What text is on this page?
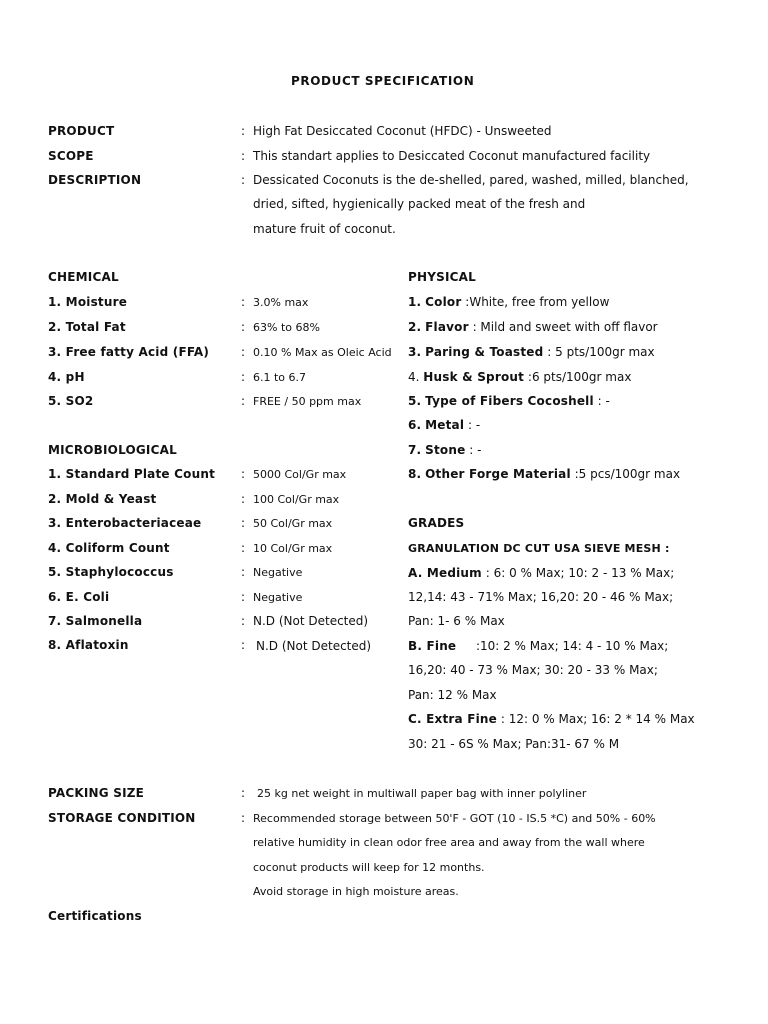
PRODUCT SPECIFICATION
PRODUCT	: High Fat Desiccated Coconut (HFDC) - Unsweeted
SCOPE	: This standart applies to Desiccated Coconut manufactured facility
DESCRIPTION	: Dessicated Coconuts is the de-shelled, pared, washed, milled, blanched,
dried, sifted, hygienically packed meat of the fresh and
mature fruit of coconut.
CHEMICAL
1. Moisture	: 3.0% max
2. Total Fat	: 63% to 68%
3. Free fatty Acid (FFA)	: 0.10 % Max as Oleic Acid
4. pH	: 6.1 to 6.7
5. SO2	: FREE / 50 ppm max
MICROBIOLOGICAL
1. Standard Plate Count : 5000 Col/Gr max
2. Mold & Yeast	: 100 Col/Gr max
3. Enterobacteriaceae	: 50 Col/Gr max
4. Coliform Count	: 10 Col/Gr max
5. Staphylococcus	: Negative
6. E. Coli	: Negative
7. Salmonella	: N.D (Not Detected)
8. Aflatoxin	: N.D (Not Detected)
PHYSICAL
1. Color :White, free from yellow
2. Flavor : Mild and sweet with off flavor
3. Paring & Toasted : 5 pts/100gr max
4. Husk & Sprout :6 pts/100gr max
5. Type of Fibers Cocoshell : -
6. Metal : -
7. Stone : -
8. Other Forge Material :5 pcs/100gr max
GRADES
GRANULATION DC CUT USA SIEVE MESH :
A. Medium : 6: 0 % Max; 10: 2 - 13 % Max;
12,14: 43 - 71% Max; 16,20: 20 - 46 % Max;
Pan: 1- 6 % Max
B. Fine :10: 2 % Max; 14: 4 - 10 % Max;
16,20: 40 - 73 % Max; 30: 20 - 33 % Max;
Pan: 12 % Max
C. Extra Fine : 12: 0 % Max; 16: 2 * 14 % Max
30: 21 - 6S % Max; Pan:31- 67 % M
PACKING SIZE	: 25 kg net weight in multiwall paper bag with inner polyliner
STORAGE CONDITION	: Recommended storage between 50'F - GOT (10 - IS.5 *C) and 50% - 60%
relative humidity in clean odor free area and away from the wall where
coconut products will keep for 12 months.
Avoid storage in high moisture areas.
Certifications
